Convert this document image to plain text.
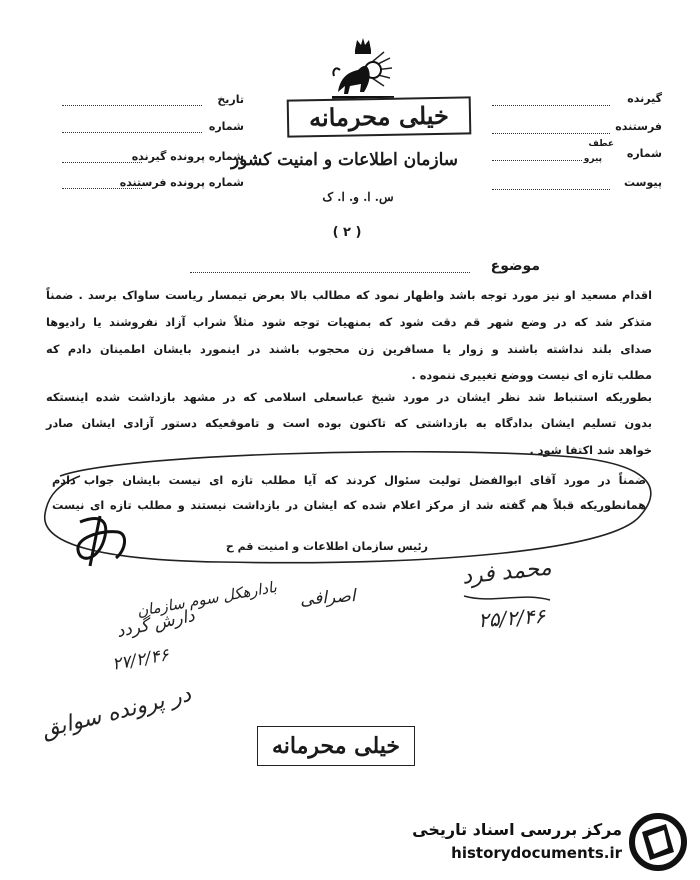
خیلی محرمانه
سازمان اطلاعات و امنیت کشور
س. ا. و. ا. ک
گیرنده
فرستنده
شماره
عطف
پیرو
پیوست
تاریخ
شماره
شماره پرونده گیرنده
شماره پرونده فرستنده
( ۲ )
موضوع
اقدام مسعید او نیز مورد توجه باشد واظهار نمود که مطالب بالا بعرض تیمسار ریاست ساواک برسد . ضمناً
متذکر شد که در وضع شهر قم دقت شود که بمنهیات توجه شود مثلاً شراب آزاد نفروشند یا رادیوها
صدای بلند نداشته باشند و زوار یا مسافرین زن محجوب باشند در اینمورد بایشان اطمینان دادم که
مطلب تازه ای نیست ووضع تغییری ننموده .
بطوریکه استنباط شد نظر ایشان در مورد شیخ عباسعلی اسلامی که در مشهد بازداشت شده اینستکه
بدون تسلیم ایشان بدادگاه به بازداشتی که تاکنون بوده است و تاموقعیکه دستور آزادی ایشان صادر
خواهد شد اکتفا شود .
ضمناً در مورد آقای ابوالفضل تولیت سئوال کردند که آیا مطلب تازه ای نیست بایشان جواب دادم
همانطوریکه قبلاً هم گفته شد از مرکز اعلام شده که ایشان در بازداشت نیستند و مطلب تازه ای نیست
رئیس سازمان اطلاعات و امنیت قم ح
محمد فرد
۲۵/۲/۴۶
اصرافی
بادارهکل سوم سازمان
دارش گردد
۲۷/۲/۴۶
در پرونده سوابق
خیلی محرمانه
مرکز بررسی اسناد تاریخی
historydocuments.ir
